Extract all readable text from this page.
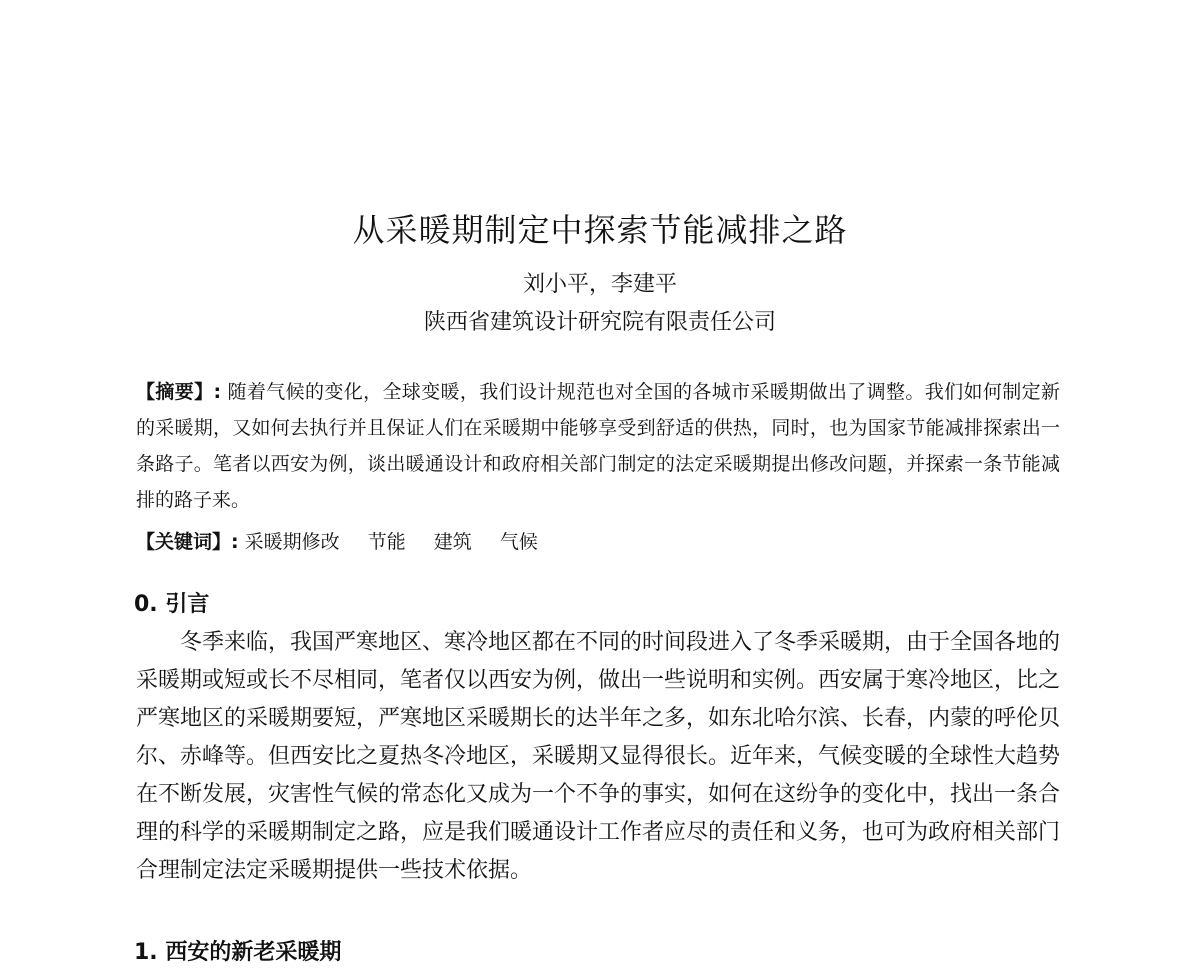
从采暖期制定中探索节能减排之路
刘小平，李建平
陕西省建筑设计研究院有限责任公司
【摘要】: 随着气候的变化，全球变暖，我们设计规范也对全国的各城市采暖期做出了调整。我们如何制定新的采暖期，又如何去执行并且保证人们在采暖期中能够享受到舒适的供热，同时，也为国家节能减排探索出一条路子。笔者以西安为例，谈出暖通设计和政府相关部门制定的法定采暖期提出修改问题，并探索一条节能减排的路子来。
【关键词】: 采暖期修改 节能 建筑 气候
0. 引言
冬季来临，我国严寒地区、寒冷地区都在不同的时间段进入了冬季采暖期，由于全国各地的采暖期或短或长不尽相同，笔者仅以西安为例，做出一些说明和实例。西安属于寒冷地区，比之严寒地区的采暖期要短，严寒地区采暖期长的达半年之多，如东北哈尔滨、长春，内蒙的呼伦贝尔、赤峰等。但西安比之夏热冬冷地区，采暖期又显得很长。近年来，气候变暖的全球性大趋势在不断发展，灾害性气候的常态化又成为一个不争的事实，如何在这纷争的变化中，找出一条合理的科学的采暖期制定之路，应是我们暖通设计工作者应尽的责任和义务，也可为政府相关部门合理制定法定采暖期提供一些技术依据。
1. 西安的新老采暖期
